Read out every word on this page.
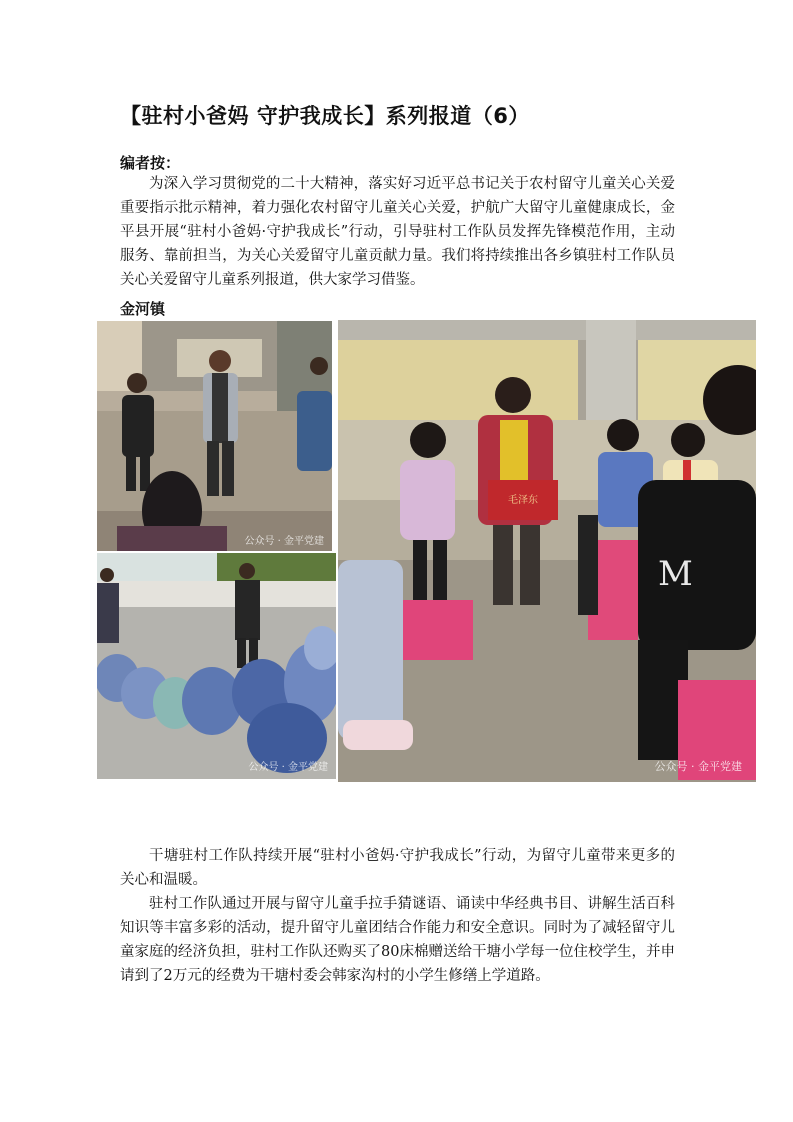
【驻村小爸妈 守护我成长】系列报道（6）
编者按：

为深入学习贯彻党的二十大精神，落实好习近平总书记关于农村留守儿童关心关爱重要指示批示精神，着力强化农村留守儿童关心关爱，护航广大留守儿童健康成长，金平县开展“驻村小爸妈·守护我成长”行动，引导驻村工作队员发挥先锋模范作用，主动服务、靠前担当，为关心关爱留守儿童贡献力量。我们将持续推出各乡镇驻村工作队员关心关爱留守儿童系列报道，供大家学习借鉴。

金河镇
公众号 · 金平党建
公众号 · 金平党建
毛泽东
M
公众号 · 金平党建

干塘驻村工作队持续开展“驻村小爸妈·守护我成长”行动，为留守儿童带来更多的关心和温暖。

驻村工作队通过开展与留守儿童手拉手猜谜语、诵读中华经典书目、讲解生活百科知识等丰富多彩的活动，提升留守儿童团结合作能力和安全意识。同时为了减轻留守儿童家庭的经济负担，驻村工作队还购买了80床棉赠送给干塘小学每一位住校学生，并申请到了2万元的经费为干塘村委会韩家沟村的小学生修缮上学道路。
